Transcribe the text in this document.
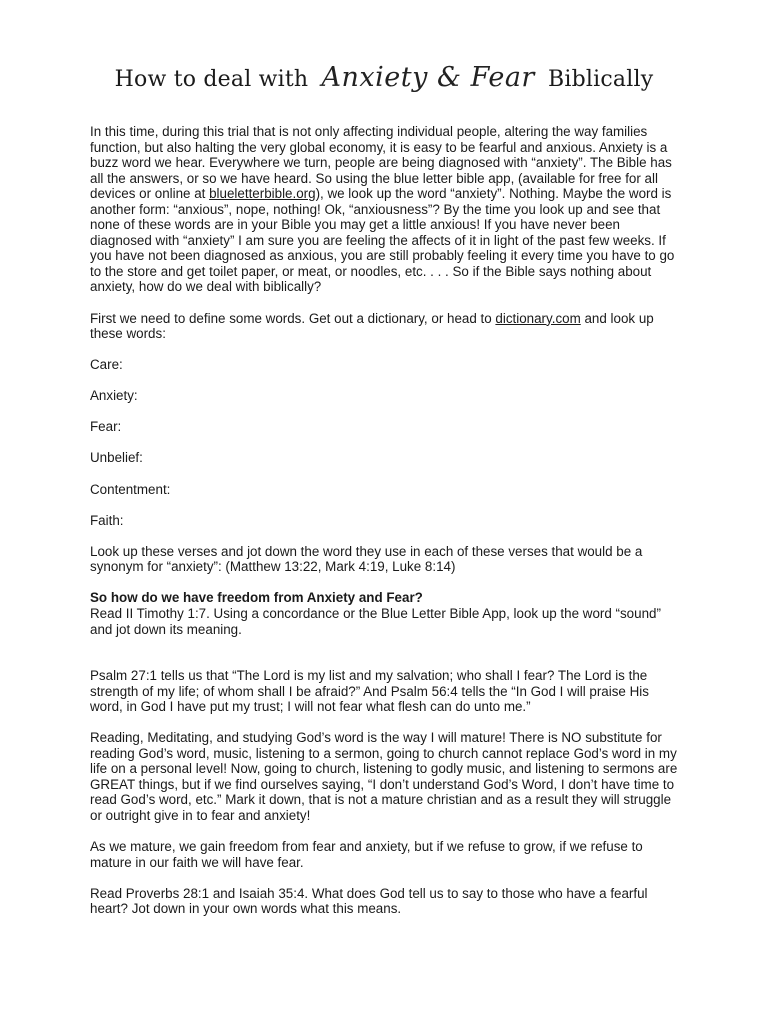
How to deal with Anxiety & Fear Biblically

In this time, during this trial that is not only affecting individual people, altering the way families function, but also halting the very global economy, it is easy to be fearful and anxious. Anxiety is a buzz word we hear. Everywhere we turn, people are being diagnosed with “anxiety”. The Bible has all the answers, or so we have heard. So using the blue letter bible app, (available for free for all devices or online at blueletterbible.org), we look up the word “anxiety”. Nothing. Maybe the word is another form: “anxious”, nope, nothing! Ok, “anxiousness”? By the time you look up and see that none of these words are in your Bible you may get a little anxious! If you have never been diagnosed with “anxiety” I am sure you are feeling the affects of it in light of the past few weeks. If you have not been diagnosed as anxious, you are still probably feeling it every time you have to go to the store and get toilet paper, or meat, or noodles, etc. . . . So if the Bible says nothing about anxiety, how do we deal with biblically?

First we need to define some words. Get out a dictionary, or head to dictionary.com and look up these words:

Care:

Anxiety:

Fear:

Unbelief:

Contentment:

Faith:

Look up these verses and jot down the word they use in each of these verses that would be a synonym for “anxiety”: (Matthew 13:22, Mark 4:19, Luke 8:14)

So how do we have freedom from Anxiety and Fear?

Read II Timothy 1:7. Using a concordance or the Blue Letter Bible App, look up the word “sound” and jot down its meaning.

Psalm 27:1 tells us that “The Lord is my list and my salvation; who shall I fear? The Lord is the strength of my life; of whom shall I be afraid?” And Psalm 56:4 tells the “In God I will praise His word, in God I have put my trust; I will not fear what flesh can do unto me.”

Reading, Meditating, and studying God’s word is the way I will mature! There is NO substitute for reading God’s word, music, listening to a sermon, going to church cannot replace God’s word in my life on a personal level! Now, going to church, listening to godly music, and listening to sermons are GREAT things, but if we find ourselves saying, “I don’t understand God’s Word, I don’t have time to read God’s word, etc.” Mark it down, that is not a mature christian and as a result they will struggle or outright give in to fear and anxiety!

As we mature, we gain freedom from fear and anxiety, but if we refuse to grow, if we refuse to mature in our faith we will have fear.

Read Proverbs 28:1 and Isaiah 35:4. What does God tell us to say to those who have a fearful heart? Jot down in your own words what this means.
